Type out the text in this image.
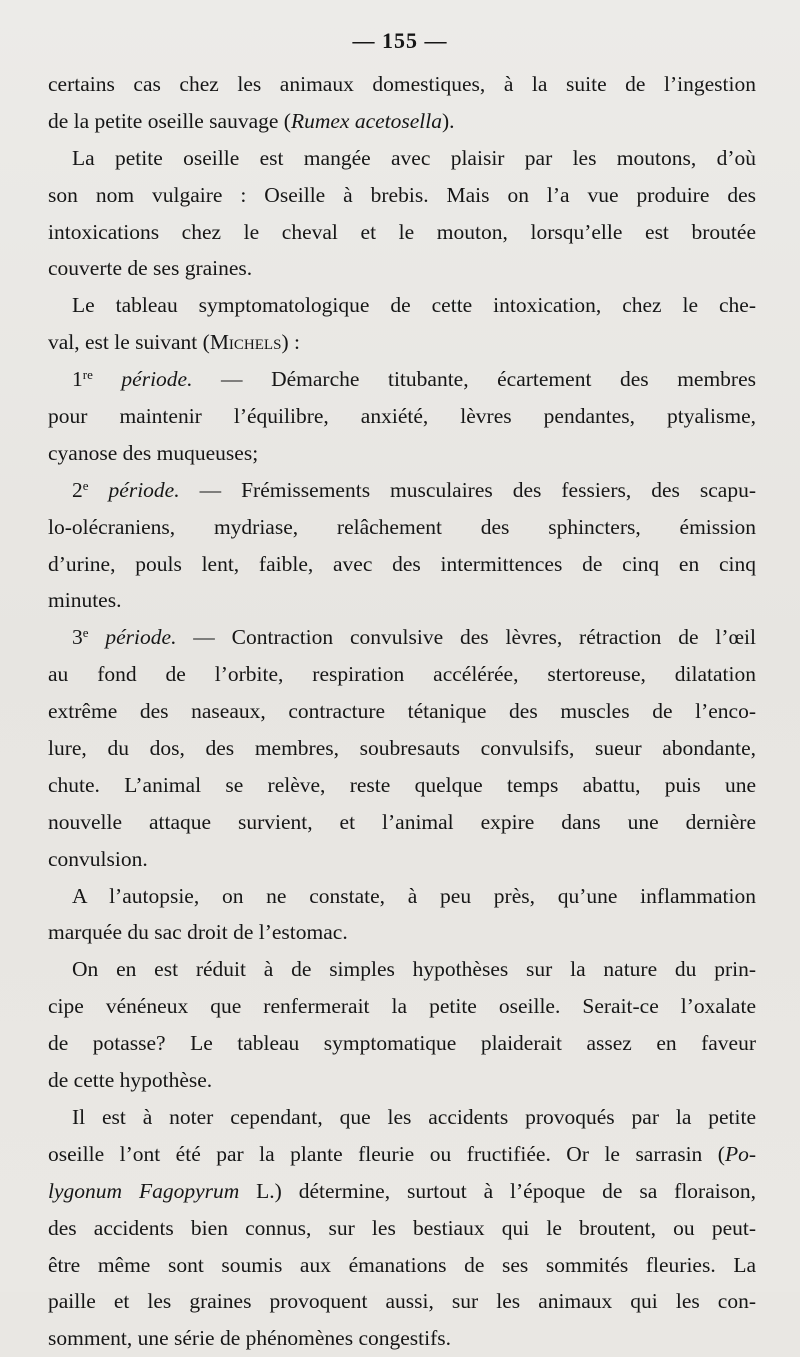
— 155 —
certains cas chez les animaux domestiques, à la suite de l’ingestion
de la petite oseille sauvage (Rumex acetosella).
La petite oseille est mangée avec plaisir par les moutons, d’où
son nom vulgaire : Oseille à brebis. Mais on l’a vue produire des
intoxications chez le cheval et le mouton, lorsqu’elle est broutée
couverte de ses graines.
Le tableau symptomatologique de cette intoxication, chez le che-
val, est le suivant (Michels) :
1re période. — Démarche titubante, écartement des membres
pour maintenir l’équilibre, anxiété, lèvres pendantes, ptyalisme,
cyanose des muqueuses;
2e période. — Frémissements musculaires des fessiers, des scapu-
lo-olécraniens, mydriase, relâchement des sphincters, émission
d’urine, pouls lent, faible, avec des intermittences de cinq en cinq
minutes.
3e période. — Contraction convulsive des lèvres, rétraction de l’œil
au fond de l’orbite, respiration accélérée, stertoreuse, dilatation
extrême des naseaux, contracture tétanique des muscles de l’enco-
lure, du dos, des membres, soubresauts convulsifs, sueur abondante,
chute. L’animal se relève, reste quelque temps abattu, puis une
nouvelle attaque survient, et l’animal expire dans une dernière
convulsion.
A l’autopsie, on ne constate, à peu près, qu’une inflammation
marquée du sac droit de l’estomac.
On en est réduit à de simples hypothèses sur la nature du prin-
cipe vénéneux que renfermerait la petite oseille. Serait-ce l’oxalate
de potasse? Le tableau symptomatique plaiderait assez en faveur
de cette hypothèse.
Il est à noter cependant, que les accidents provoqués par la petite
oseille l’ont été par la plante fleurie ou fructifiée. Or le sarrasin (Po-
lygonum Fagopyrum L.) détermine, surtout à l’époque de sa floraison,
des accidents bien connus, sur les bestiaux qui le broutent, ou peut-
être même sont soumis aux émanations de ses sommités fleuries. La
paille et les graines provoquent aussi, sur les animaux qui les con-
somment, une série de phénomènes congestifs.
